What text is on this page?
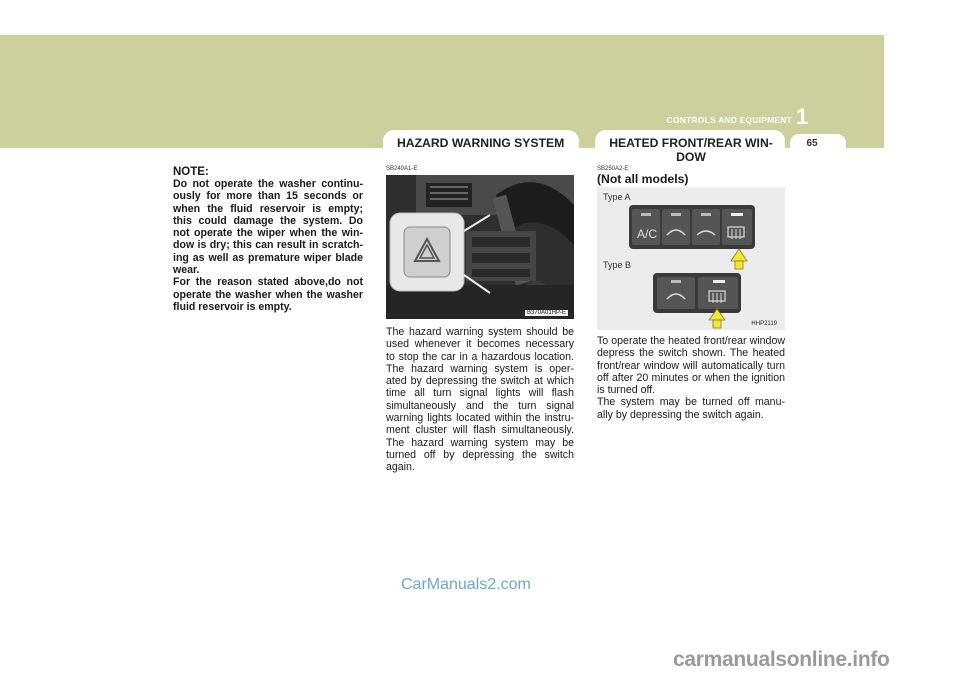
CONTROLS AND EQUIPMENT 1
65
HAZARD WARNING SYSTEM	HEATED FRONT/REAR WIN-DOW
NOTE:
Do not operate the washer continu-ously for more than 15 seconds or when the fluid reservoir is empty; this could damage the system. Do not operate the wiper when the win-dow is dry; this can result in scratch-ing as well as premature wiper blade wear.
For the reason stated above,do not operate the washer when the washer fluid reservoir is empty.
SB240A1-E
B370A01HP-E
The hazard warning system should be used whenever it becomes necessary to stop the car in a hazardous location. The hazard warning system is oper-ated by depressing the switch at which time all turn signal lights will flash simultaneously and the turn signal warning lights located within the instru-ment cluster will flash simultaneously. The hazard warning system may be turned off by depressing the switch again.
SB250A2-E
(Not all models)
A/C
Type A
Type B
HHP2119
To operate the heated front/rear window depress the switch shown. The heated front/rear window will automatically turn off after 20 minutes or when the ignition is turned off.
The system may be turned off manu-ally by depressing the switch again.
CarManuals2.com
carmanualsonline.info
